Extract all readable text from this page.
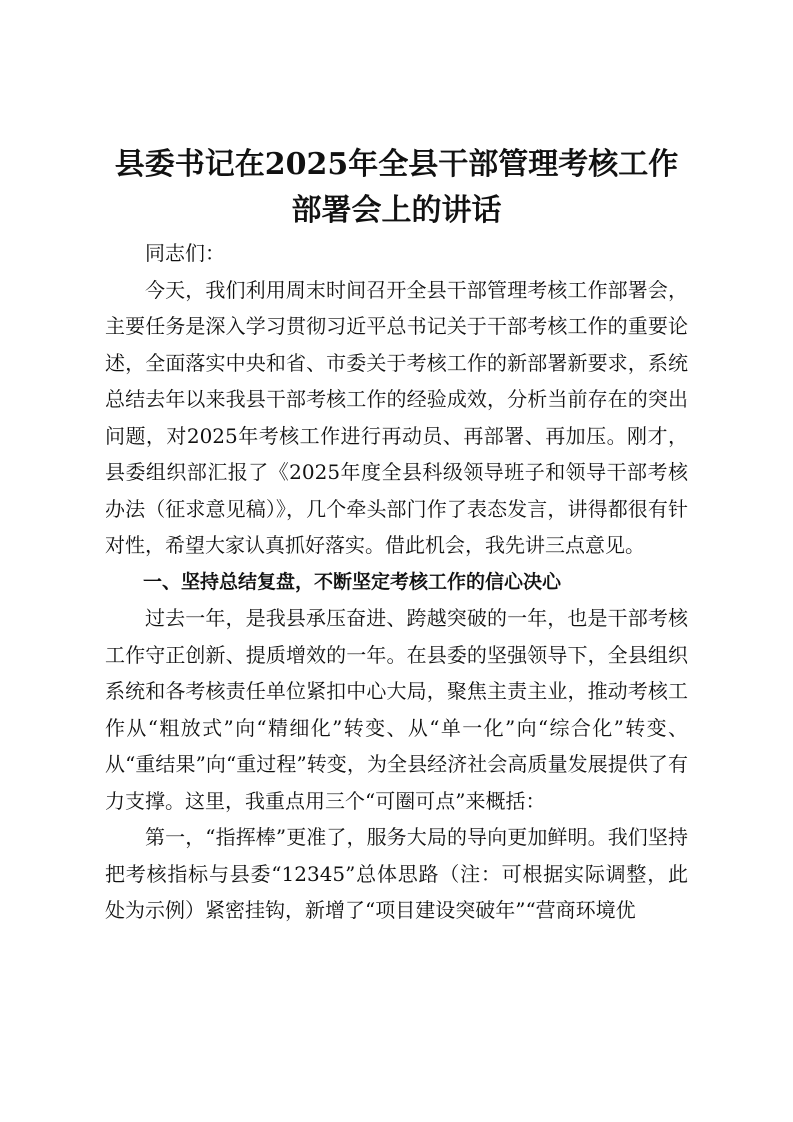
县委书记在2025年全县干部管理考核工作部署会上的讲话

同志们：

今天，我们利用周末时间召开全县干部管理考核工作部署会，主要任务是深入学习贯彻习近平总书记关于干部考核工作的重要论述，全面落实中央和省、市委关于考核工作的新部署新要求，系统总结去年以来我县干部考核工作的经验成效，分析当前存在的突出问题，对2025年考核工作进行再动员、再部署、再加压。刚才，县委组织部汇报了《2025年度全县科级领导班子和领导干部考核办法（征求意见稿）》，几个牵头部门作了表态发言，讲得都很有针对性，希望大家认真抓好落实。借此机会，我先讲三点意见。

一、坚持总结复盘，不断坚定考核工作的信心决心

过去一年，是我县承压奋进、跨越突破的一年，也是干部考核工作守正创新、提质增效的一年。在县委的坚强领导下，全县组织系统和各考核责任单位紧扣中心大局，聚焦主责主业，推动考核工作从“粗放式”向“精细化”转变、从“单一化”向“综合化”转变、从“重结果”向“重过程”转变，为全县经济社会高质量发展提供了有力支撑。这里，我重点用三个“可圈可点”来概括：

第一，“指挥棒”更准了，服务大局的导向更加鲜明。我们坚持把考核指标与县委“12345”总体思路（注：可根据实际调整，此处为示例）紧密挂钩，新增了“项目建设突破年”“营商环境优
